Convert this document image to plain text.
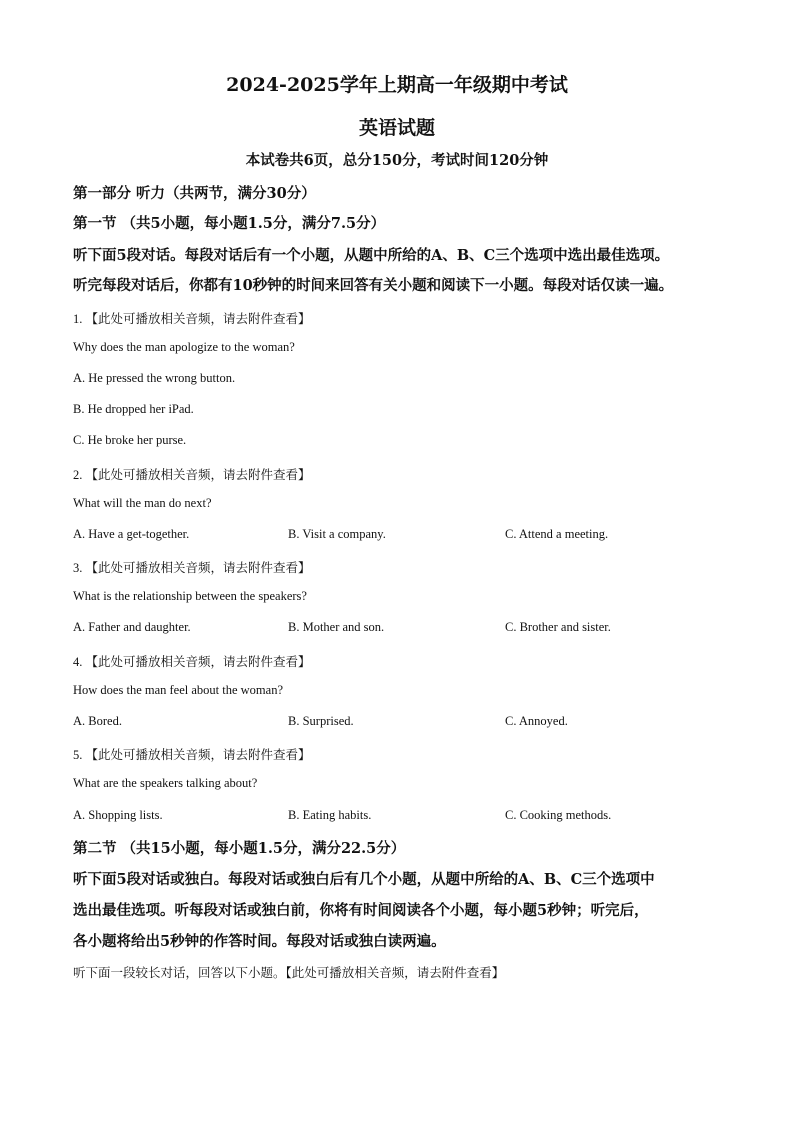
2024-2025学年上期高一年级期中考试
英语试题
本试卷共6页，总分150分，考试时间120分钟
第一部分 听力（共两节，满分30分）
第一节 （共5小题，每小题1.5分，满分7.5分）
听下面5段对话。每段对话后有一个小题，从题中所给的A、B、C三个选项中选出最佳选项。
听完每段对话后，你都有10秒钟的时间来回答有关小题和阅读下一小题。每段对话仅读一遍。
1. 【此处可播放相关音频，请去附件查看】
Why does the man apologize to the woman?
A. He pressed the wrong button.
B. He dropped her iPad.
C. He broke her purse.
2. 【此处可播放相关音频，请去附件查看】
What will the man do next?
A. Have a get-together.	B. Visit a company.	C. Attend a meeting.
3. 【此处可播放相关音频，请去附件查看】
What is the relationship between the speakers?
A. Father and daughter.	B. Mother and son.	C. Brother and sister.
4. 【此处可播放相关音频，请去附件查看】
How does the man feel about the woman?
A. Bored.	B. Surprised.	C. Annoyed.
5. 【此处可播放相关音频，请去附件查看】
What are the speakers talking about?
A. Shopping lists.	B. Eating habits.	C. Cooking methods.
第二节 （共15小题，每小题1.5分，满分22.5分）
听下面5段对话或独白。每段对话或独白后有几个小题，从题中所给的A、B、C三个选项中
选出最佳选项。听每段对话或独白前，你将有时间阅读各个小题，每小题5秒钟；听完后，
各小题将给出5秒钟的作答时间。每段对话或独白读两遍。
听下面一段较长对话，回答以下小题。【此处可播放相关音频，请去附件查看】
